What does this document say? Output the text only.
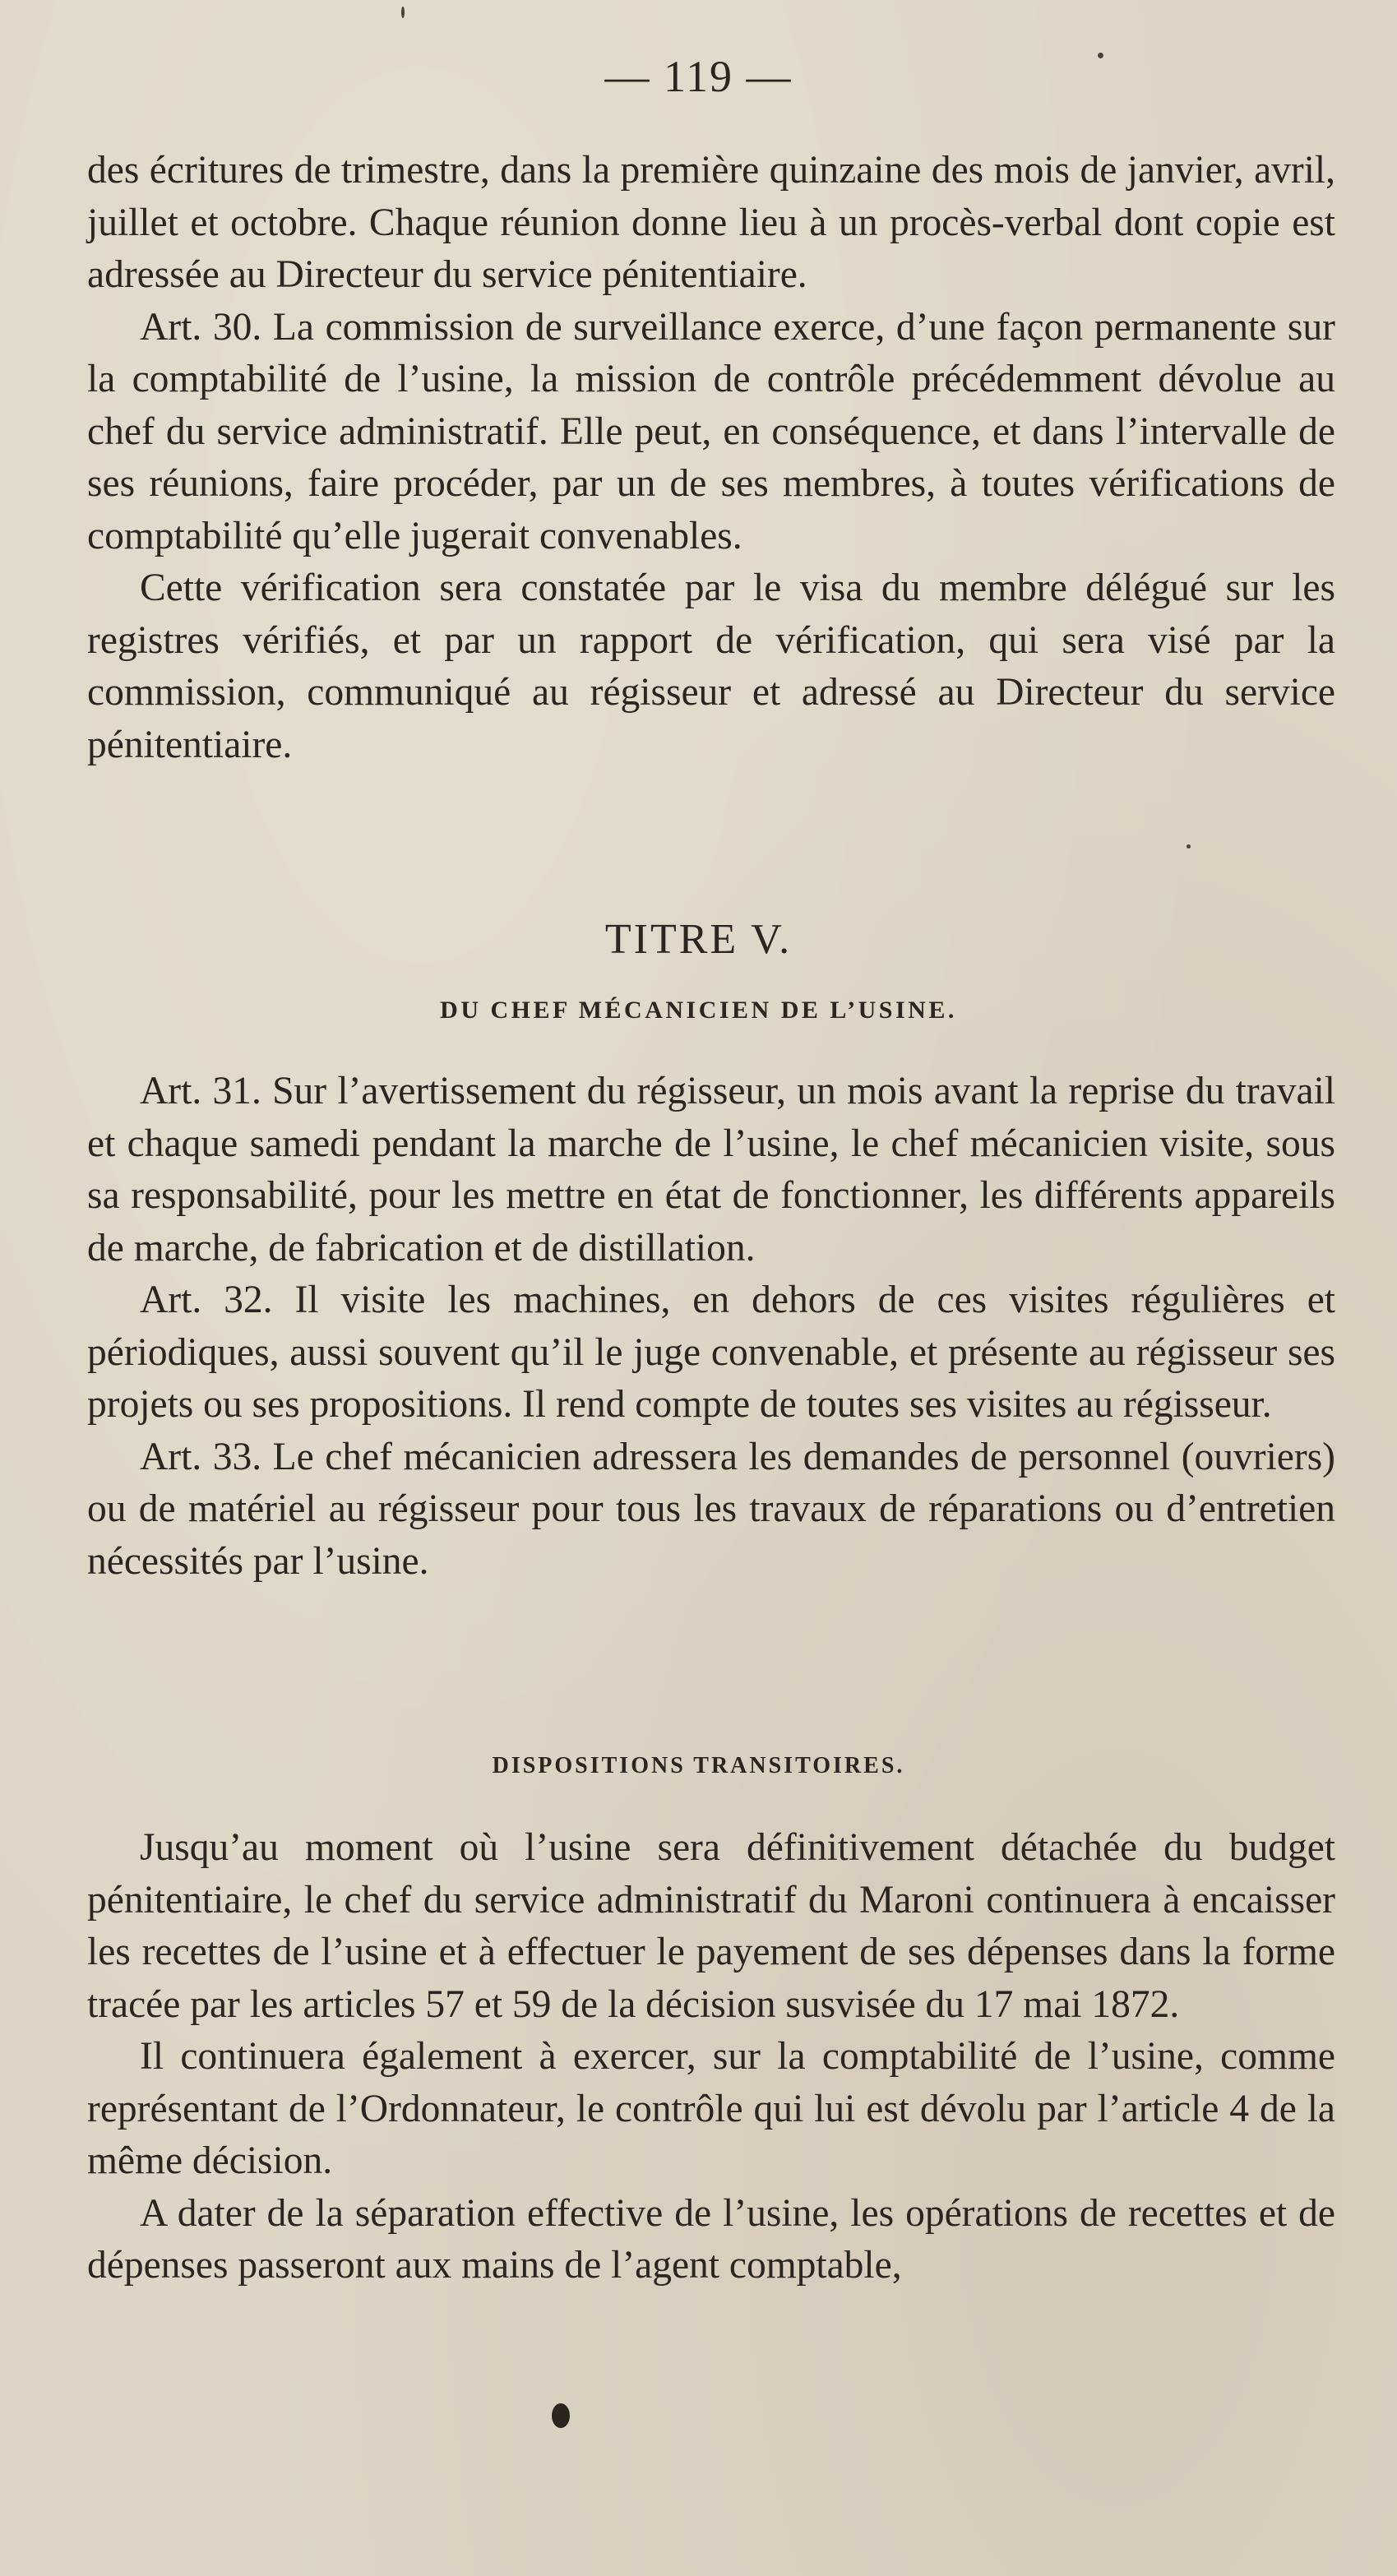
— 119 —

des écritures de trimestre, dans la première quinzaine des mois de janvier, avril, juillet et octobre. Chaque réunion donne lieu à un procès-verbal dont copie est adressée au Directeur du service pénitentiaire.

Art. 30. La commission de surveillance exerce, d’une façon permanente sur la comptabilité de l’usine, la mission de contrôle précédemment dévolue au chef du service administratif. Elle peut, en conséquence, et dans l’intervalle de ses réunions, faire procéder, par un de ses membres, à toutes vérifications de comptabilité qu’elle jugerait convenables.

Cette vérification sera constatée par le visa du membre délégué sur les registres vérifiés, et par un rapport de vérification, qui sera visé par la commission, communiqué au régisseur et adressé au Directeur du service pénitentiaire.

TITRE V.
DU CHEF MÉCANICIEN DE L’USINE.

Art. 31. Sur l’avertissement du régisseur, un mois avant la reprise du travail et chaque samedi pendant la marche de l’usine, le chef mécanicien visite, sous sa responsabilité, pour les mettre en état de fonctionner, les différents appareils de marche, de fabrication et de distillation.

Art. 32. Il visite les machines, en dehors de ces visites régulières et périodiques, aussi souvent qu’il le juge convenable, et présente au régisseur ses projets ou ses propositions. Il rend compte de toutes ses visites au régisseur.

Art. 33. Le chef mécanicien adressera les demandes de personnel (ouvriers) ou de matériel au régisseur pour tous les travaux de réparations ou d’entretien nécessités par l’usine.

DISPOSITIONS TRANSITOIRES.

Jusqu’au moment où l’usine sera définitivement détachée du budget pénitentiaire, le chef du service administratif du Maroni continuera à encaisser les recettes de l’usine et à effectuer le payement de ses dépenses dans la forme tracée par les articles 57 et 59 de la décision susvisée du 17 mai 1872.

Il continuera également à exercer, sur la comptabilité de l’usine, comme représentant de l’Ordonnateur, le contrôle qui lui est dévolu par l’article 4 de la même décision.

A dater de la séparation effective de l’usine, les opérations de recettes et de dépenses passeront aux mains de l’agent comptable,
